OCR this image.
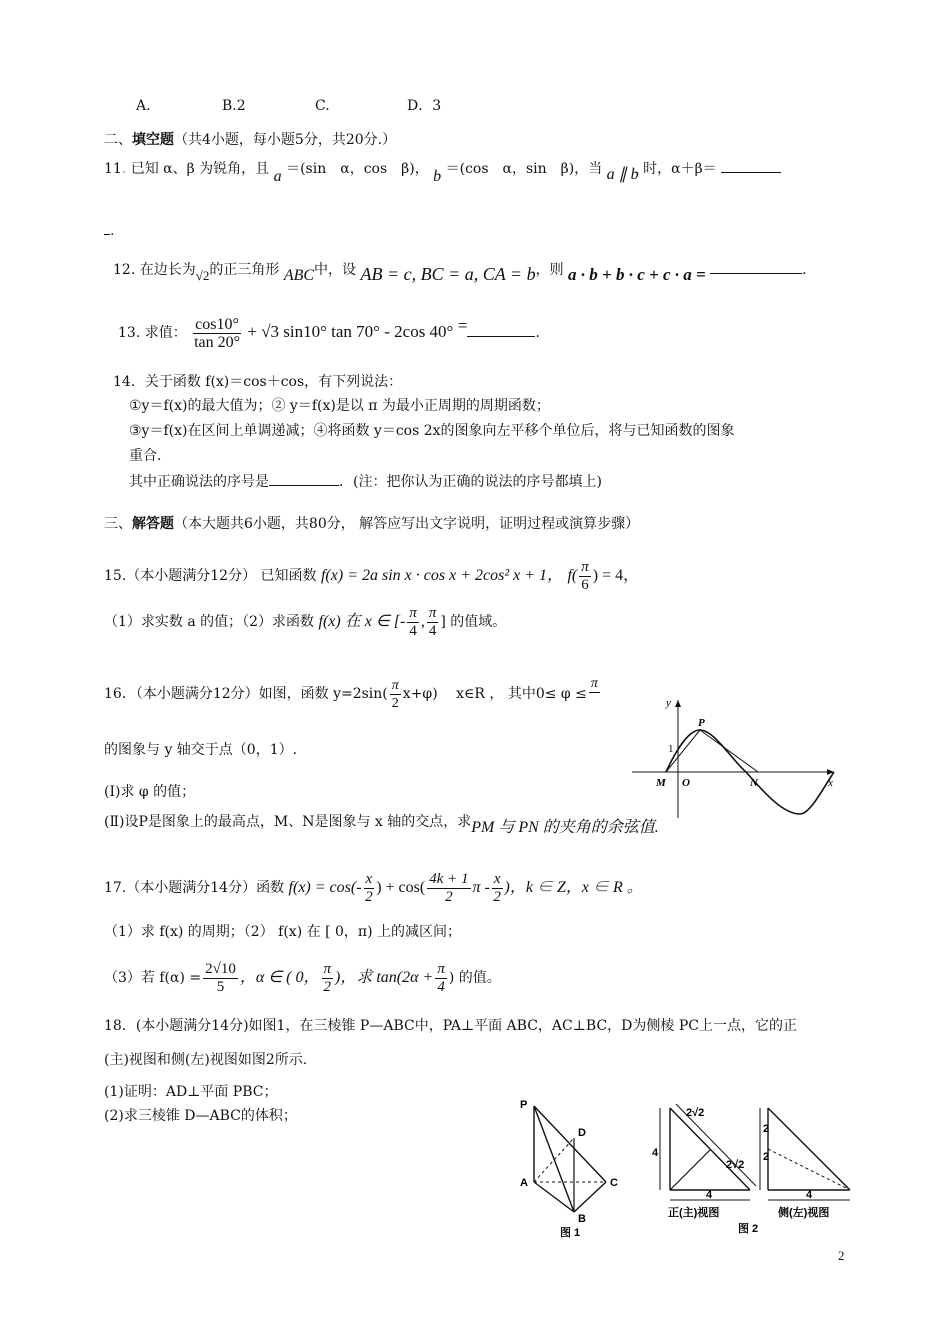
A.	B.2	C.	D．3
二、填空题（共4小题，每小题5分，共20分.）
11. 已知 α、β 为锐角，且 a ＝(sin　α，cos　β)， b ＝(cos　α，sin　β)，当 a ∥ b 时，α＋β＝
.
12. 在边长为√2的正三角形 ABC中，设 AB = c, BC = a, CA = b，则 a · b + b · c + c · a =	.
13. 求值： $\frac{\cos 10^\circ}{\tan 20^\circ} + √3$ sin10° tan 70° - 2cos 40° =	.
14．关于函数 f(x)＝cos＋cos，有下列说法：
①y＝f(x)的最大值为；② y＝f(x)是以 π 为最小正周期的周期函数；
③y＝f(x)在区间上单调递减；④将函数 y＝cos 2x的图象向左平移个单位后，将与已知函数的图象
重合.
其中正确说法的序号是	．(注：把你认为正确的说法的序号都填上)
三、解答题（本大题共6小题，共80分， 解答应写出文字说明，证明过程或演算步骤）
15.（本小题满分12分） 已知函数 f(x) = 2a sin x · cos x + 2cos² x + 1， $f( \frac{\pi}{6}$ ) = 4，
（1）求实数 a 的值；（2）求函数 f(x) 在 x ∈ [- $\frac{\pi}{4}$ , $\frac{\pi}{4}$ ] 的值域。
16．（本小题满分12分）如图，函数 $y=2\sin( \frac{\pi}{2} x+\varphi)$　 x∈R ， 其中0≤ φ ≤
π
的图象与 y 轴交于点（0，1）.
(Ⅰ)求 φ 的值；
(Ⅱ)设P是图象上的最高点，M、N是图象与 x 轴的交点，求PM 与 PN 的夹角的余弦值.
y
x
P
1
M O	N
17.（本小题满分14分）函数 $f(x) = \cos(- \frac{x}{2}$ ) + $\cos( \frac{4k + 1}{2}$ π - $\frac{x}{2}$ )，k ∈ Z，x ∈ R 。
（1）求 f(x) 的周期；（2） f(x) 在 [ 0，π) 上的减区间；
（3）若 $f(\alpha) = \frac{2√10}{5}$ ，α ∈ ( 0， $\frac{\pi}{2}$ )，求 $\tan(2\alpha + \frac{\pi}{4}$ ) 的值。
18．(本小题满分14分)如图1，在三棱锥 P—ABC中，PA⊥平面 ABC，AC⊥BC，D为侧棱 PC上一点，它的正
(主)视图和侧(左)视图如图2所示.
(1)证明：AD⊥平面 PBC；
(2)求三棱锥 D—ABC的体积；
P
D
A	C
B
图 1
2√2
2√2
4
4
正(主)视图
图 2
2
2
4
侧(左)视图
2
